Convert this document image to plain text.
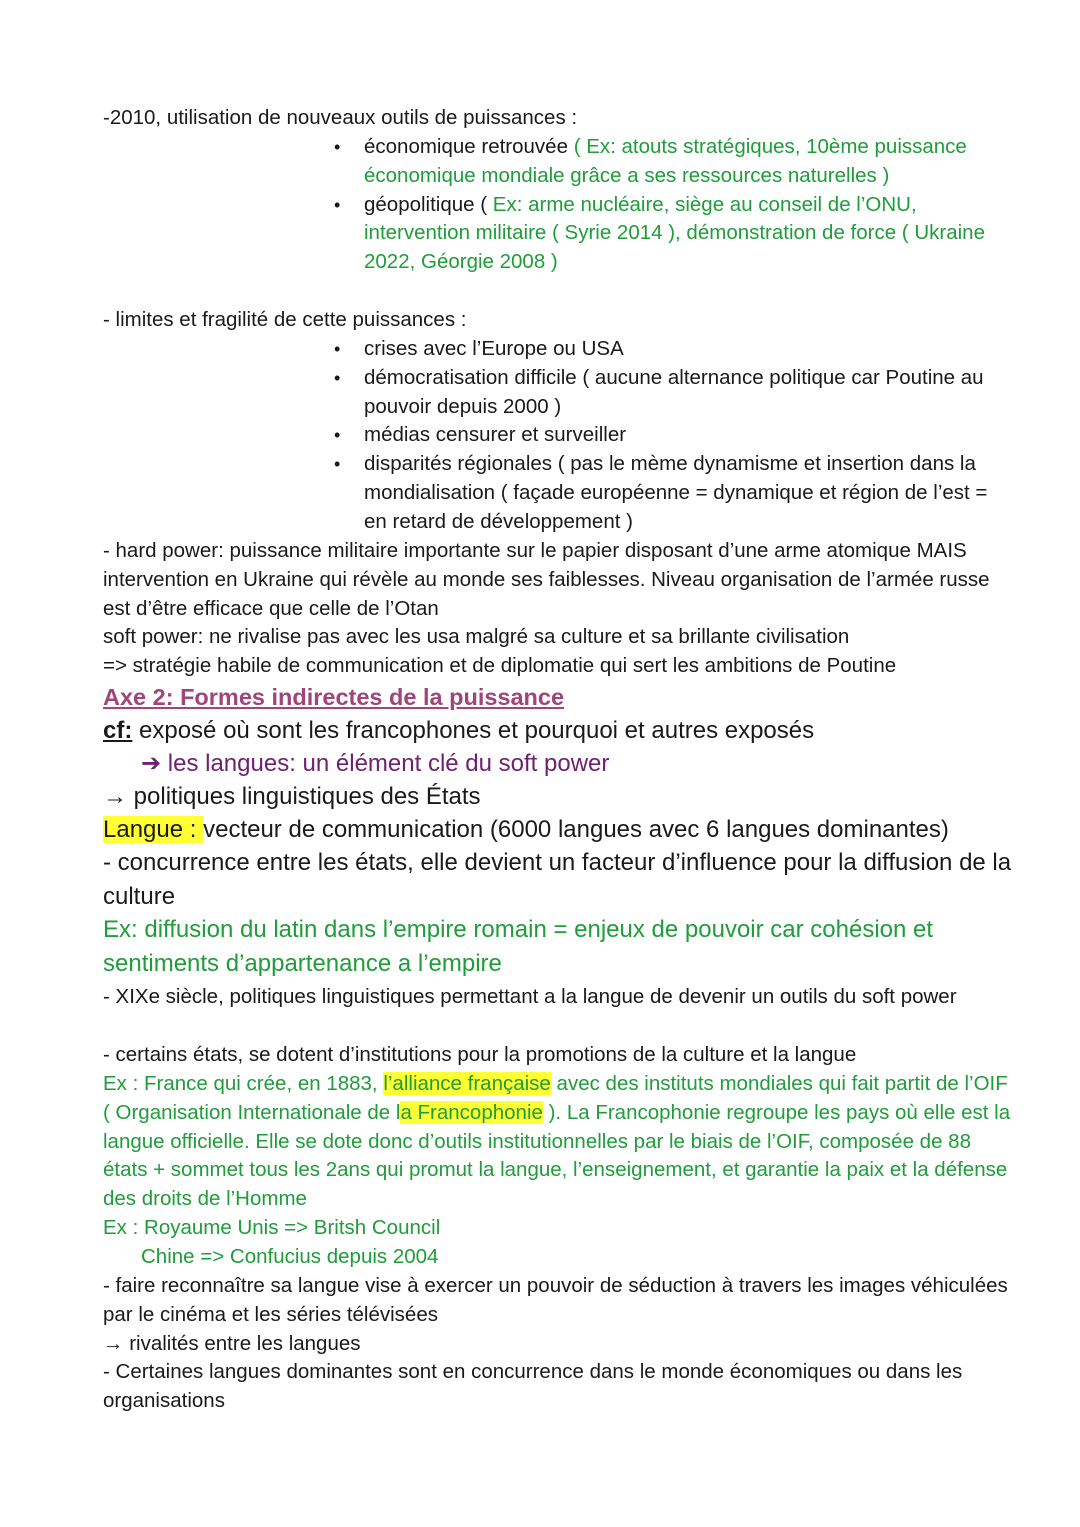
-2010, utilisation de nouveaux outils de puissances :
• économique retrouvée ( Ex: atouts stratégiques, 10ème puissance économique mondiale grâce a ses ressources naturelles )
• géopolitique ( Ex: arme nucléaire, siège au conseil de l’ONU, intervention militaire ( Syrie 2014 ), démonstration de force ( Ukraine 2022, Géorgie 2008 )
- limites et fragilité de cette puissances :
• crises avec l’Europe ou USA
• démocratisation difficile ( aucune alternance politique car Poutine au pouvoir depuis 2000 )
• médias censurer et surveiller
• disparités régionales ( pas le mème dynamisme et insertion dans la mondialisation ( façade européenne = dynamique et région de l’est = en retard de développement )
- hard power: puissance militaire importante sur le papier disposant d’une arme atomique MAIS intervention en Ukraine qui révèle au monde ses faiblesses. Niveau organisation de l’armée russe est d’être efficace que celle de l’Otan
soft power: ne rivalise pas avec les usa malgré sa culture et sa brillante civilisation
=> stratégie habile de communication et de diplomatie qui sert les ambitions de Poutine
Axe 2: Formes indirectes de la puissance
cf: exposé où sont les francophones et pourquoi et autres exposés
➔ les langues: un élément clé du soft power
→ politiques linguistiques des États
Langue : vecteur de communication (6000 langues avec 6 langues dominantes)
- concurrence entre les états, elle devient un facteur d’influence pour la diffusion de la culture
Ex: diffusion du latin dans l’empire romain = enjeux de pouvoir car cohésion et sentiments d’appartenance a l’empire
- XIXe siècle, politiques linguistiques permettant a la langue de devenir un outils du soft power
- certains états, se dotent d’institutions pour la promotions de la culture et la langue
Ex : France qui crée, en 1883, l’alliance française avec des instituts mondiales qui fait partit de l’OIF ( Organisation Internationale de la Francophonie ). La Francophonie regroupe les pays où elle est la langue officielle. Elle se dote donc d’outils institutionnelles par le biais de l’OIF, composée de 88 états + sommet tous les 2ans qui promut la langue, l’enseignement, et garantie la paix et la défense des droits de l’Homme
Ex : Royaume Unis => Britsh Council
Chine => Confucius depuis 2004
- faire reconnaître sa langue vise à exercer un pouvoir de séduction à travers les images véhiculées par le cinéma et les séries télévisées
→ rivalités entre les langues
- Certaines langues dominantes sont en concurrence dans le monde économiques ou dans les organisations
